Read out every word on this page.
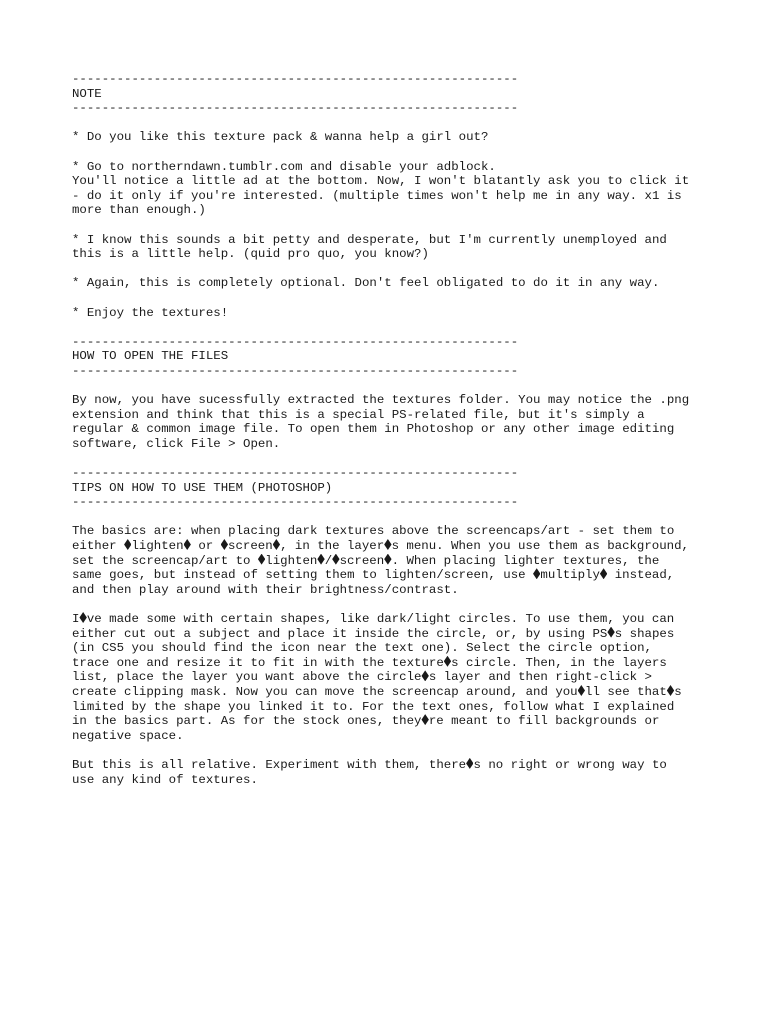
------------------------------------------------------------
NOTE
------------------------------------------------------------
* Do you like this texture pack & wanna help a girl out?
* Go to northerndawn.tumblr.com and disable your adblock.
You'll notice a little ad at the bottom. Now, I won't blatantly ask you to click it
- do it only if you're interested. (multiple times won't help me in any way. x1 is
more than enough.)
* I know this sounds a bit petty and desperate, but I'm currently unemployed and
this is a little help. (quid pro quo, you know?)
* Again, this is completely optional. Don't feel obligated to do it in any way.
* Enjoy the textures!
------------------------------------------------------------
HOW TO OPEN THE FILES
------------------------------------------------------------
By now, you have sucessfully extracted the textures folder. You may notice the .png
extension and think that this is a special PS-related file, but it's simply a
regular & common image file. To open them in Photoshop or any other image editing
software, click File > Open.
------------------------------------------------------------
TIPS ON HOW TO USE THEM (PHOTOSHOP)
------------------------------------------------------------
The basics are: when placing dark textures above the screencaps/art - set them to
either lighten or screen , in the layer s menu. When you use them as background,
set the screencap/art to lighten / screen . When placing lighter textures, the
same goes, but instead of setting them to lighten/screen, use multiply instead,
and then play around with their brightness/contrast.
I ve made some with certain shapes, like dark/light circles. To use them, you can
either cut out a subject and place it inside the circle, or, by using PS s shapes
(in CS5 you should find the icon near the text one). Select the circle option,
trace one and resize it to fit in with the texture s circle. Then, in the layers
list, place the layer you want above the circle s layer and then right-click >
create clipping mask. Now you can move the screencap around, and you ll see that s
limited by the shape you linked it to. For the text ones, follow what I explained
in the basics part. As for the stock ones, they re meant to fill backgrounds or
negative space.
But this is all relative. Experiment with them, there s no right or wrong way to
use any kind of textures.
